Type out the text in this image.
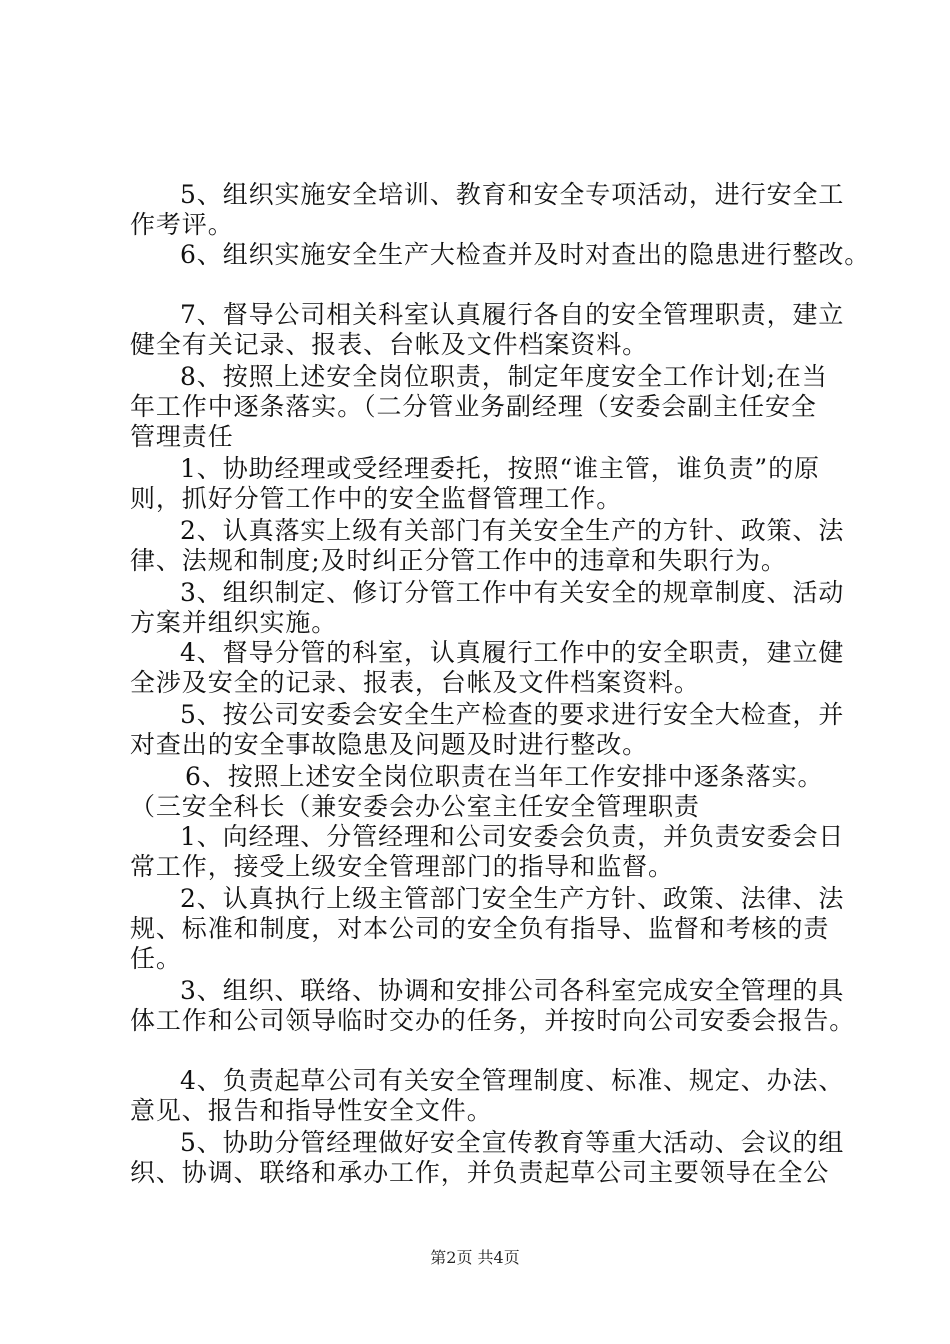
5、组织实施安全培训、教育和安全专项活动，进行安全工
作考评。
6、组织实施安全生产大检查并及时对查出的隐患进行整改。
7、督导公司相关科室认真履行各自的安全管理职责，建立
健全有关记录、报表、台帐及文件档案资料。
8、按照上述安全岗位职责，制定年度安全工作计划;在当
年工作中逐条落实。（二分管业务副经理（安委会副主任安全
管理责任
1、协助经理或受经理委托，按照“谁主管，谁负责”的原
则，抓好分管工作中的安全监督管理工作。
2、认真落实上级有关部门有关安全生产的方针、政策、法
律、法规和制度;及时纠正分管工作中的违章和失职行为。
3、组织制定、修订分管工作中有关安全的规章制度、活动
方案并组织实施。
4、督导分管的科室，认真履行工作中的安全职责，建立健
全涉及安全的记录、报表，台帐及文件档案资料。
5、按公司安委会安全生产检查的要求进行安全大检查，并
对查出的安全事故隐患及问题及时进行整改。
6、按照上述安全岗位职责在当年工作安排中逐条落实。
（三安全科长（兼安委会办公室主任安全管理职责
1、向经理、分管经理和公司安委会负责，并负责安委会日
常工作，接受上级安全管理部门的指导和监督。
2、认真执行上级主管部门安全生产方针、政策、法律、法
规、标准和制度，对本公司的安全负有指导、监督和考核的责
任。
3、组织、联络、协调和安排公司各科室完成安全管理的具
体工作和公司领导临时交办的任务，并按时向公司安委会报告。
4、负责起草公司有关安全管理制度、标准、规定、办法、
意见、报告和指导性安全文件。
5、协助分管经理做好安全宣传教育等重大活动、会议的组
织、协调、联络和承办工作，并负责起草公司主要领导在全公
第2页 共4页
